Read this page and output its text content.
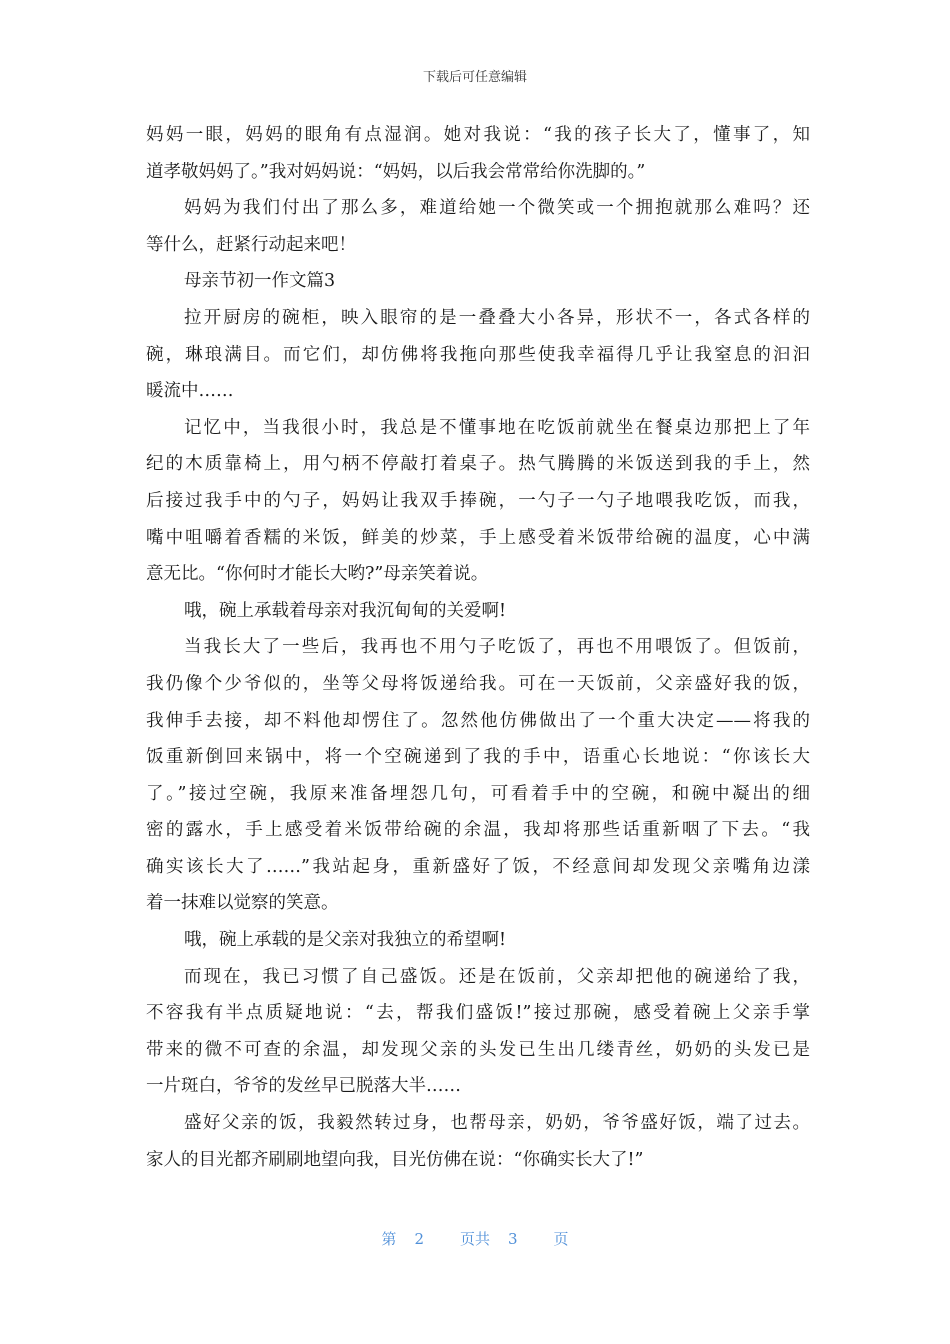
下载后可任意编辑
妈妈一眼，妈妈的眼角有点湿润。她对我说：“我的孩子长大了，懂事了，知
道孝敬妈妈了。”我对妈妈说：“妈妈，以后我会常常给你洗脚的。”
妈妈为我们付出了那么多，难道给她一个微笑或一个拥抱就那么难吗？还
等什么，赶紧行动起来吧！
母亲节初一作文篇3
拉开厨房的碗柜，映入眼帘的是一叠叠大小各异，形状不一，各式各样的
碗，琳琅满目。而它们，却仿佛将我拖向那些使我幸福得几乎让我窒息的汩汩
暖流中……
记忆中，当我很小时，我总是不懂事地在吃饭前就坐在餐桌边那把上了年
纪的木质靠椅上，用勺柄不停敲打着桌子。热气腾腾的米饭送到我的手上，然
后接过我手中的勺子，妈妈让我双手捧碗，一勺子一勺子地喂我吃饭，而我，
嘴中咀嚼着香糯的米饭，鲜美的炒菜，手上感受着米饭带给碗的温度，心中满
意无比。“你何时才能长大哟?”母亲笑着说。
哦，碗上承载着母亲对我沉甸甸的关爱啊!
当我长大了一些后，我再也不用勺子吃饭了，再也不用喂饭了。但饭前，
我仍像个少爷似的，坐等父母将饭递给我。可在一天饭前，父亲盛好我的饭，
我伸手去接，却不料他却愣住了。忽然他仿佛做出了一个重大决定——将我的
饭重新倒回来锅中，将一个空碗递到了我的手中，语重心长地说：“你该长大
了。”接过空碗，我原来准备埋怨几句，可看着手中的空碗，和碗中凝出的细
密的露水，手上感受着米饭带给碗的余温，我却将那些话重新咽了下去。“我
确实该长大了……”我站起身，重新盛好了饭，不经意间却发现父亲嘴角边漾
着一抹难以觉察的笑意。
哦，碗上承载的是父亲对我独立的希望啊!
而现在，我已习惯了自己盛饭。还是在饭前，父亲却把他的碗递给了我，
不容我有半点质疑地说：“去，帮我们盛饭!”接过那碗，感受着碗上父亲手掌
带来的微不可查的余温，却发现父亲的头发已生出几缕青丝，奶奶的头发已是
一片斑白，爷爷的发丝早已脱落大半……
盛好父亲的饭，我毅然转过身，也帮母亲，奶奶，爷爷盛好饭，端了过去。
家人的目光都齐刷刷地望向我，目光仿佛在说：“你确实长大了!”
第 2 页共 3 页
